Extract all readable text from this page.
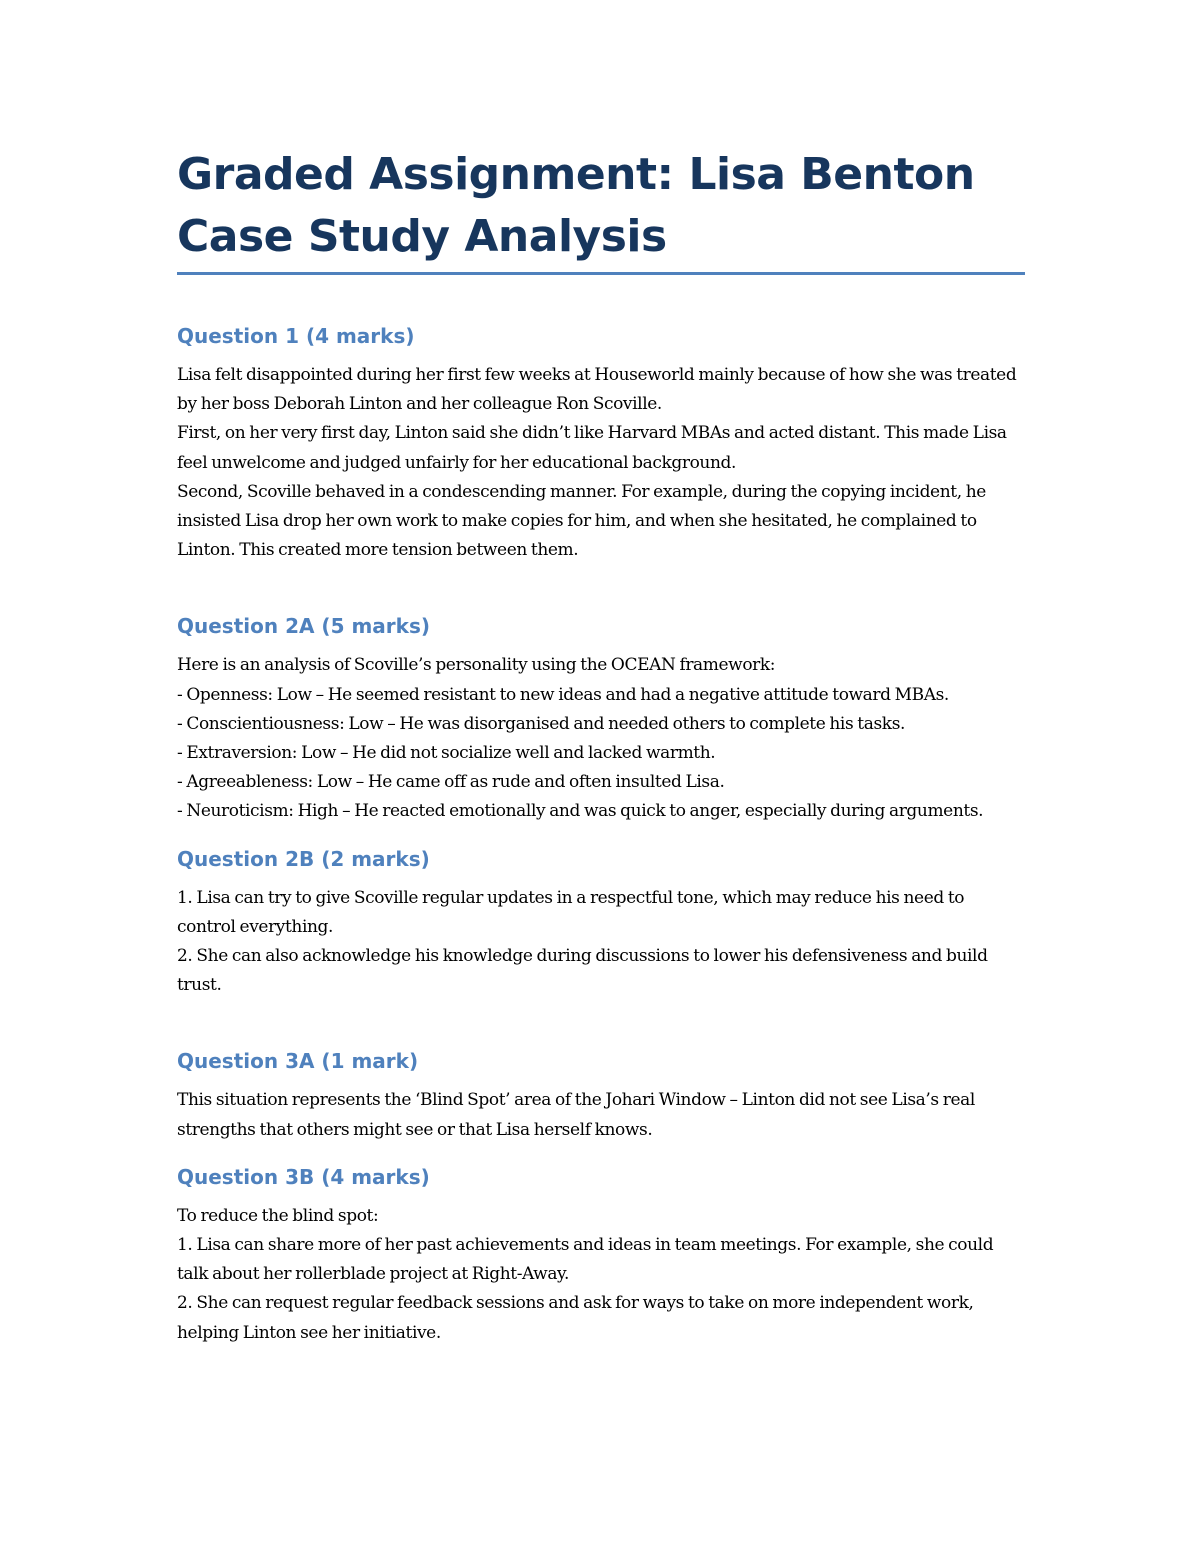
Graded Assignment: Lisa Benton Case Study Analysis
Question 1 (4 marks)

Lisa felt disappointed during her first few weeks at Houseworld mainly because of how she was treated by her boss Deborah Linton and her colleague Ron Scoville.

First, on her very first day, Linton said she didn’t like Harvard MBAs and acted distant. This made Lisa feel unwelcome and judged unfairly for her educational background.

Second, Scoville behaved in a condescending manner. For example, during the copying incident, he insisted Lisa drop her own work to make copies for him, and when she hesitated, he complained to Linton. This created more tension between them.

Question 2A (5 marks)

Here is an analysis of Scoville’s personality using the OCEAN framework:

- Openness: Low – He seemed resistant to new ideas and had a negative attitude toward MBAs.

- Conscientiousness: Low – He was disorganised and needed others to complete his tasks.

- Extraversion: Low – He did not socialize well and lacked warmth.

- Agreeableness: Low – He came off as rude and often insulted Lisa.

- Neuroticism: High – He reacted emotionally and was quick to anger, especially during arguments.

Question 2B (2 marks)

1. Lisa can try to give Scoville regular updates in a respectful tone, which may reduce his need to control everything.

2. She can also acknowledge his knowledge during discussions to lower his defensiveness and build trust.

Question 3A (1 mark)

This situation represents the ‘Blind Spot’ area of the Johari Window – Linton did not see Lisa’s real strengths that others might see or that Lisa herself knows.

Question 3B (4 marks)

To reduce the blind spot:

1. Lisa can share more of her past achievements and ideas in team meetings. For example, she could talk about her rollerblade project at Right-Away.

2. She can request regular feedback sessions and ask for ways to take on more independent work, helping Linton see her initiative.
